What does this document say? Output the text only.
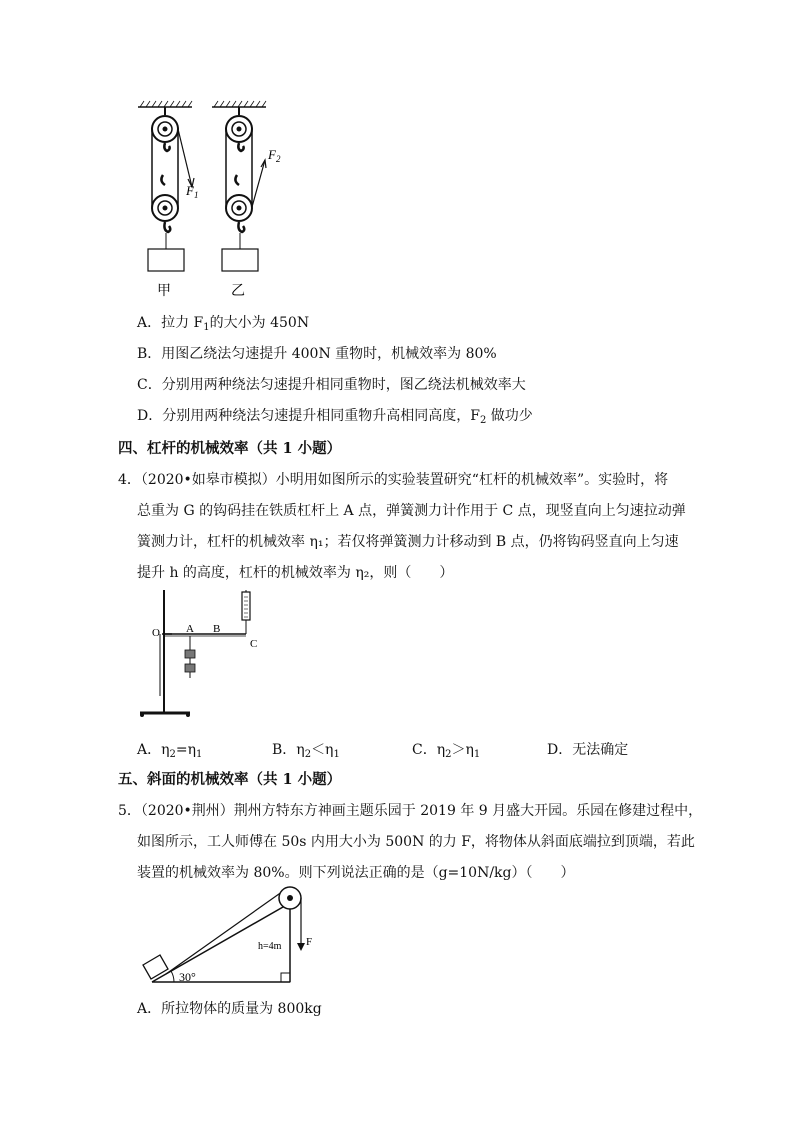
$F_1$
甲
$F_2$
乙
A．拉力 $F_1$的大小为 450N
B．用图乙绕法匀速提升 400N 重物时，机械效率为 80%
C．分别用两种绕法匀速提升相同重物时，图乙绕法机械效率大
D．分别用两种绕法匀速提升相同重物升高相同高度，$F_2$ 做功少
四、杠杆的机械效率（共 1 小题）
4．（2020•如皋市模拟）小明用如图所示的实验装置研究“杠杆的机械效率”。实验时，将
总重为 G 的钩码挂在铁质杠杆上 A 点，弹簧测力计作用于 C 点，现竖直向上匀速拉动弹
簧测力计，杠杆的机械效率 η₁；若仅将弹簧测力计移动到 B 点，仍将钩码竖直向上匀速
提升 h 的高度，杠杆的机械效率为 η₂，则（　　）
O A B
C
A．$\eta_2=\eta_1$	B．$\eta_2<\eta_1$	C．$\eta_2>\eta_1$	D．无法确定
五、斜面的机械效率（共 1 小题）
5．（2020•荆州）荆州方特东方神画主题乐园于 2019 年 9 月盛大开园。乐园在修建过程中，
如图所示，工人师傅在 50s 内用大小为 500N 的力 F，将物体从斜面底端拉到顶端，若此
装置的机械效率为 80%。则下列说法正确的是（g=10N/kg）（　　）
h=4m F
30°
A．所拉物体的质量为 800kg
